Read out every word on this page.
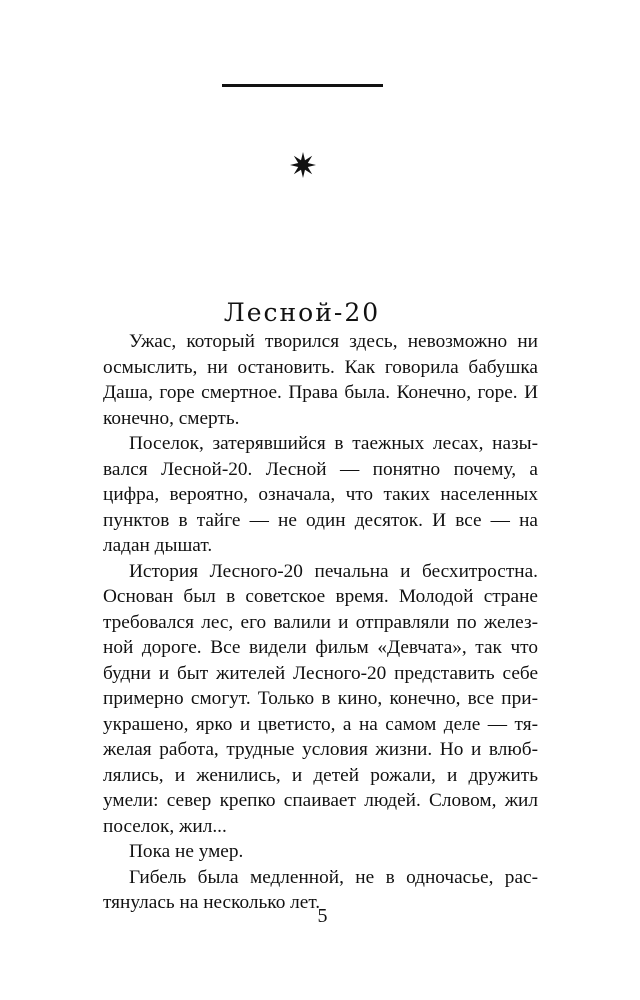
Лесной-20

Ужас, который творился здесь, невозможно ни осмыслить, ни остановить. Как говорила бабушка Даша, горе смертное. Права была. Конечно, горе. И конечно, смерть.

Поселок, затерявшийся в таежных лесах, назывался Лесной-20. Лесной — понятно почему, а цифра, вероятно, означала, что таких населенных пунктов в тайге — не один десяток. И все — на ладан дышат.

История Лесного-20 печальна и бесхитростна. Основан был в советское время. Молодой стране требовался лес, его валили и отправляли по железной дороге. Все видели фильм «Девчата», так что будни и быт жителей Лесного-20 представить себе примерно смогут. Только в кино, конечно, все приукрашено, ярко и цветисто, а на самом деле — тяжелая работа, трудные условия жизни. Но и влюблялись, и женились, и детей рожали, и дружить умели: север крепко спаивает людей. Словом, жил поселок, жил...

Пока не умер.

Гибель была медленной, не в одночасье, растянулась на несколько лет.

5
